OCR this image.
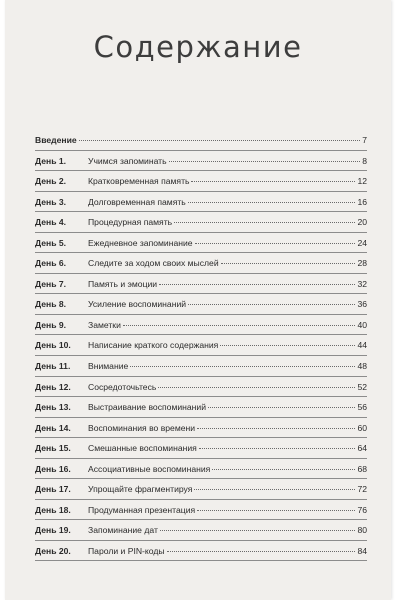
Содержание
Введение	7
День 1.	Учимся запоминать	8
День 2.	Кратковременная память	12
День 3.	Долговременная память	16
День 4.	Процедурная память	20
День 5.	Ежедневное запоминание	24
День 6.	Следите за ходом своих мыслей	28
День 7.	Память и эмоции	32
День 8.	Усиление воспоминаний	36
День 9.	Заметки	40
День 10.	Написание краткого содержания	44
День 11.	Внимание	48
День 12.	Сосредоточьтесь	52
День 13.	Выстраивание воспоминаний	56
День 14.	Воспоминания во времени	60
День 15.	Смешанные воспоминания	64
День 16.	Ассоциативные воспоминания	68
День 17.	Упрощайте фрагментируя	72
День 18.	Продуманная презентация	76
День 19.	Запоминание дат	80
День 20.	Пароли и PIN-коды	84
